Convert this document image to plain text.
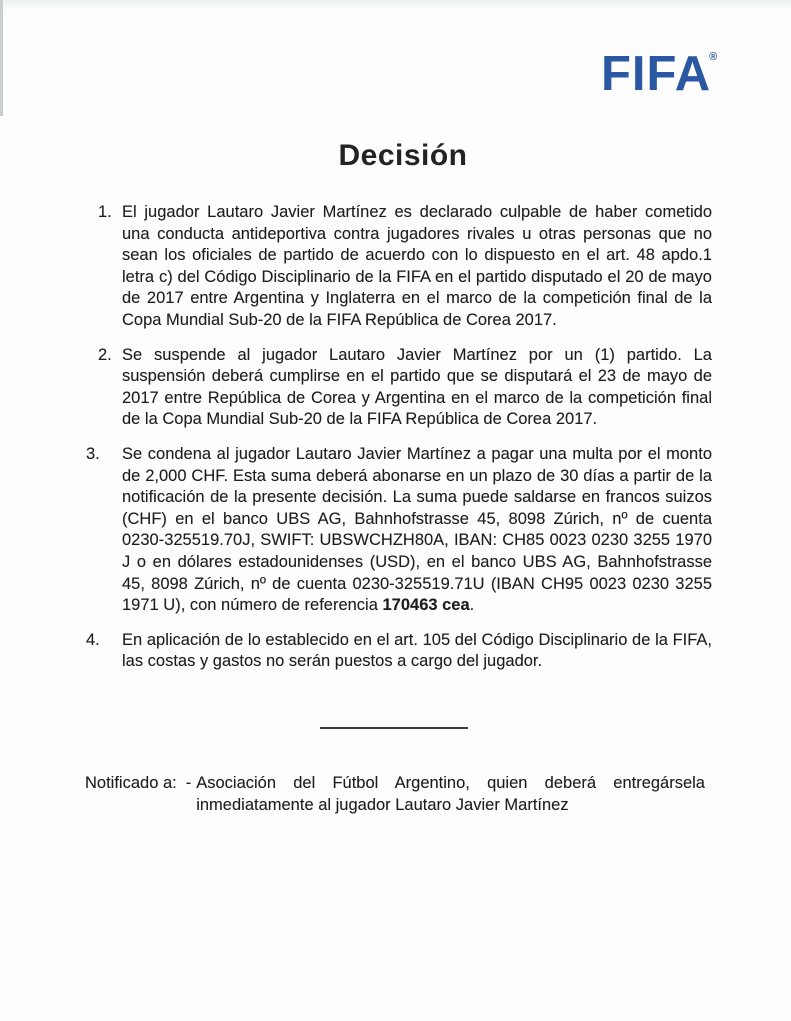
FIFA®
Decisión
1. El jugador Lautaro Javier Martínez es declarado culpable de haber cometido una conducta antideportiva contra jugadores rivales u otras personas que no sean los oficiales de partido de acuerdo con lo dispuesto en el art. 48 apdo.1 letra c) del Código Disciplinario de la FIFA en el partido disputado el 20 de mayo de 2017 entre Argentina y Inglaterra en el marco de la competición final de la Copa Mundial Sub-20 de la FIFA República de Corea 2017.
2. Se suspende al jugador Lautaro Javier Martínez por un (1) partido. La suspensión deberá cumplirse en el partido que se disputará el 23 de mayo de 2017 entre República de Corea y Argentina en el marco de la competición final de la Copa Mundial Sub-20 de la FIFA República de Corea 2017.
3. Se condena al jugador Lautaro Javier Martínez a pagar una multa por el monto de 2,000 CHF. Esta suma deberá abonarse en un plazo de 30 días a partir de la notificación de la presente decisión. La suma puede saldarse en francos suizos (CHF) en el banco UBS AG, Bahnhofstrasse 45, 8098 Zúrich, nº de cuenta 0230-325519.70J, SWIFT: UBSWCHZH80A, IBAN: CH85 0023 0230 3255 1970 J o en dólares estadounidenses (USD), en el banco UBS AG, Bahnhofstrasse 45, 8098 Zúrich, nº de cuenta 0230-325519.71U (IBAN CH95 0023 0230 3255 1971 U), con número de referencia 170463 cea.
4. En aplicación de lo establecido en el art. 105 del Código Disciplinario de la FIFA, las costas y gastos no serán puestos a cargo del jugador.
Notificado a: - Asociación del Fútbol Argentino, quien deberá entregársela inmediatamente al jugador Lautaro Javier Martínez
